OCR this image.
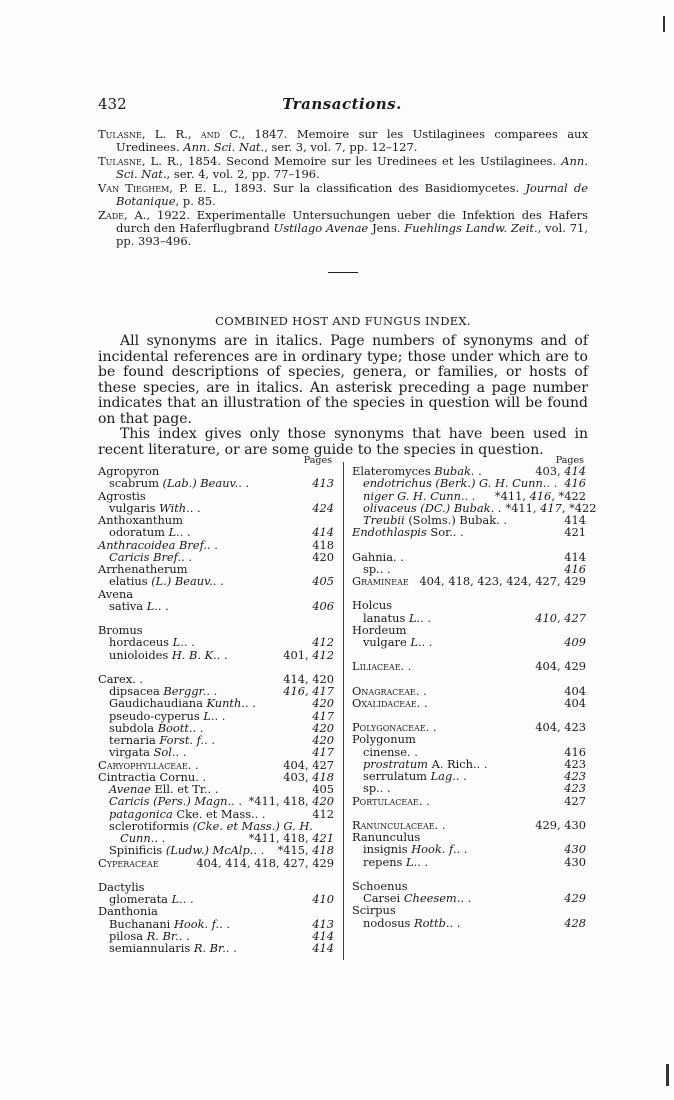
432	Transactions.
Tulasne, L. R., and C., 1847. Memoire sur les Ustilaginees comparees aux Uredinees. Ann. Sci. Nat., ser. 3, vol. 7, pp. 12–127.
Tulasne, L. R., 1854. Second Memoire sur les Uredinees et les Ustilaginees. Ann. Sci. Nat., ser. 4, vol. 2, pp. 77–196.
Van Tieghem, P. E. L., 1893. Sur la classification des Basidiomycetes. Journal de Botanique, p. 85.
Zade, A., 1922. Experimentalle Untersuchungen ueber die Infektion des Hafers durch den Haferflugbrand Ustilago Avenae Jens. Fuehlings Landw. Zeit., vol. 71, pp. 393–496.
COMBINED HOST AND FUNGUS INDEX.

All synonyms are in italics. Page numbers of synonyms and of incidental references are in ordinary type; those under which are to be found descriptions of species, genera, or families, or hosts of these species, are in italics. An asterisk preceding a page number indicates that an illustration of the species in question will be found on that page.

This index gives only those synonyms that have been used in recent literature, or are some guide to the species in question.

Pages
Agropyron
scabrum (Lab.) Beauv. . .	413
Agrostis
vulgaris With. . .	424
Anthoxanthum
odoratum L. . .	414
Anthracoidea Bref. . .	418
Caricis Bref. . .	420
Arrhenatherum
elatius (L.) Beauv. . .	405
Avena
sativa L. . .	406
Bromus
hordaceus L. . .	412
unioloides H. B. K. . .	401, 412
Carex . .	414, 420
dipsacea Berggr. . .	416, 417
Gaudichaudiana Kunth. . .	420
pseudo-cyperus L. . .	417
subdola Boott. . .	420
ternaria Forst. f. . .	420
virgata Sol. . .	417
Caryophyllaceae . .	404, 427
Cintractia Cornu . .	403, 418
Avenae Ell. et Tr. . .	405
Caricis (Pers.) Magn. . . *411, 418, 420
patagonica Cke. et Mass. . .	412
sclerotiformis (Cke. et Mass.) G. H.
Cunn. . .	*411, 418, 421
Spinificis (Ludw.) McAlp. . .	*415, 418
Cyperaceae	404, 414, 418, 427, 429
Dactylis
glomerata L. . .	410
Danthonia
Buchanani Hook. f. . .	413
pilosa R. Br. . .	414
semiannularis R. Br. . .	414
Pages
Elateromyces Bubak . .	403, 414
endotrichus (Berk.) G. H. Cunn. . . 416
niger G. H. Cunn. . .	*411, 416, *422
olivaceus (DC.) Bubak . . *411, 417, *422
Treubii (Solms.) Bubak . .	414
Endothlaspis Sor. . .	421
Gahnia . .	414
sp. . .	416
Gramineae 404, 418, 423, 424, 427, 429
Holcus
lanatus L. . .	410, 427
Hordeum
vulgare L. . .	409
Liliaceae . .	404, 429
Onagraceae . .	404
Oxalidaceae . .	404
Polygonaceae . .	404, 423
Polygonum
cinense . .	416
prostratum A. Rich. . .	423
serrulatum Lag. . .	423
sp. . .	423
Portulaceae . .	427
Ranunculaceae . .	429, 430
Ranunculus
insignis Hook. f. . .	430
repens L. . .	430
Schoenus
Carsei Cheesem. . .	429
Scirpus
nodosus Rottb. . .	428
